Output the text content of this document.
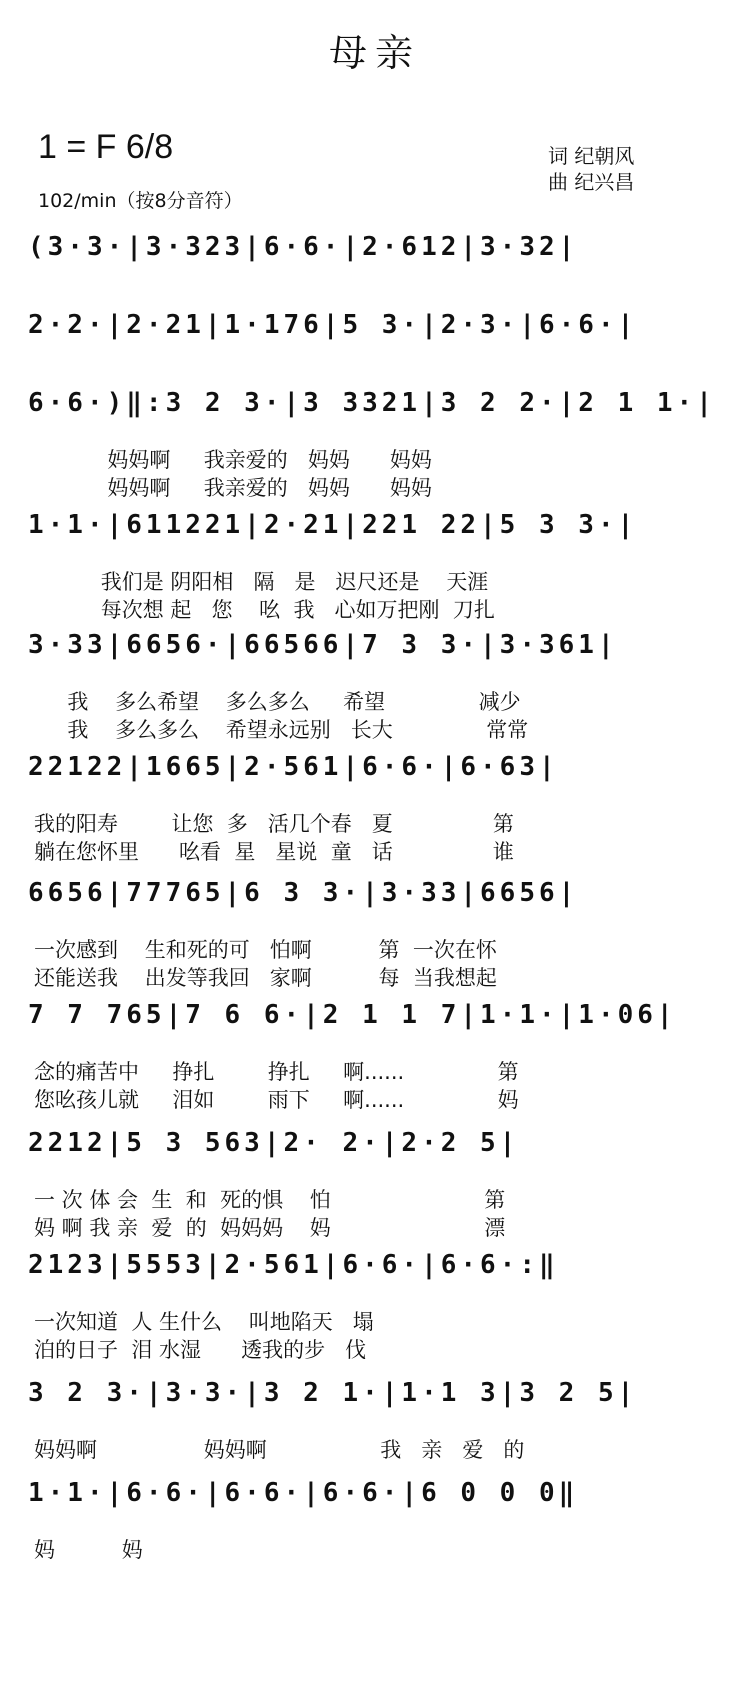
母亲
1 = F 6/8
102/min（按8分音符）
词 纪朝风
曲 纪兴昌
(3·3·|3·323|6·6·|2·612|3·32|
2·2·|2·21|1·176|5 3·|2·3·|6·6·|
6·6·)‖:3 2 3·|3 3321|3 2 2·|2 1 1·|
妈妈啊     我亲爱的   妈妈      妈妈
妈妈啊     我亲爱的   妈妈      妈妈
1·1·|611221|2·21|221 22|5 3 3·|
我们是 阴阳相   隔   是   迟尺还是    天涯
每次想 起   您    吆  我   心如万把刚  刀扎
3·33|6656·|66566|7 3 3·|3·361|
我    多么希望    多么多么     希望              减少
我    多么多么    希望永远别   长大              常常
22122|1665|2·561|6·6·|6·63|
我的阳寿        让您  多   活几个春   夏               第
躺在您怀里      吆看  星   星说  童   话               谁
6656|77765|6 3 3·|3·33|6656|
一次感到    生和死的可   怕啊          第  一次在怀
还能送我    出发等我回   家啊          每  当我想起
7 7 765|7 6 6·|2 1 1 7|1·1·|1·06|
念的痛苦中     挣扎        挣扎     啊......              第
您吆孩儿就     泪如        雨下     啊......              妈
2212|5 3 563|2· 2·|2·2 5|
一 次 体 会  生  和  死的惧    怕                       第
妈 啊 我 亲  爱  的  妈妈妈    妈                       漂
2123|5553|2·561|6·6·|6·6·:‖
一次知道  人 生什么    叫地陷天   塌
泊的日子  泪 水湿      透我的步   伐
3 2 3·|3·3·|3 2 1·|1·1 3|3 2 5|
妈妈啊                妈妈啊                 我   亲   爱   的
1·1·|6·6·|6·6·|6·6·|6 0 0 0‖
妈          妈
